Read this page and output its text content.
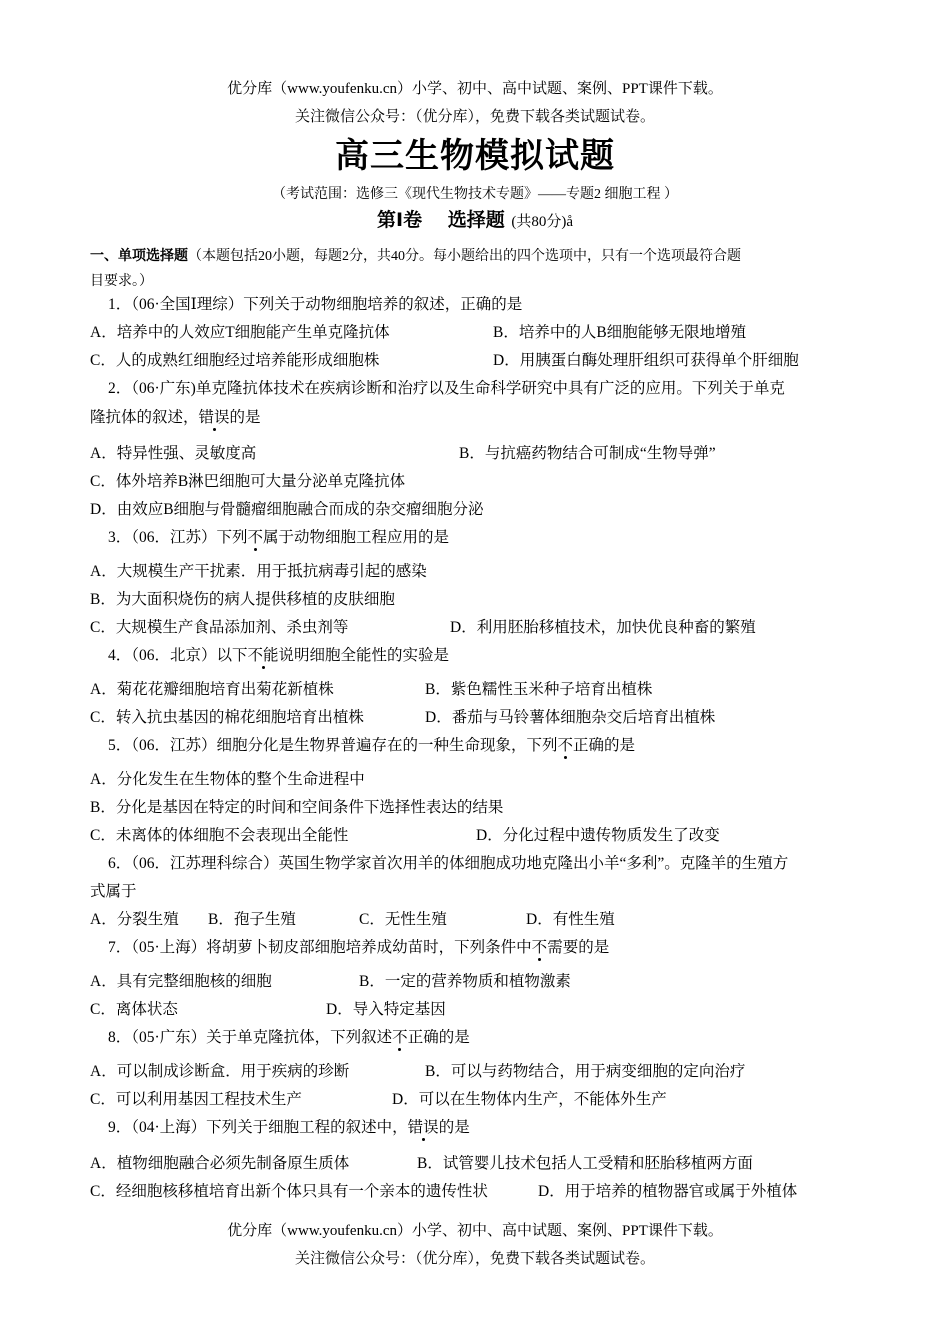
优分库（www.youfenku.cn）小学、初中、高中试题、案例、PPT课件下载。
关注微信公众号：（优分库），免费下载各类试题试卷。
高三生物模拟试题
（考试范围：选修三《现代生物技术专题》——专题2 细胞工程 ）
第Ⅰ卷　 选择题 (共80分)å
一、单项选择题（本题包括20小题，每题2分，共40分。每小题给出的四个选项中，只有一个选项最符合题
目要求。）
1．（06·全国Ⅰ理综）下列关于动物细胞培养的叙述，正确的是
A．培养中的人效应T细胞能产生单克隆抗体	B．培养中的人B细胞能够无限地增殖
C．人的成熟红细胞经过培养能形成细胞株	D．用胰蛋白酶处理肝组织可获得单个肝细胞
2．（06·广东)单克隆抗体技术在疾病诊断和治疗以及生命科学研究中具有广泛的应用。下列关于单克
隆抗体的叙述，错误的是
A．特异性强、灵敏度高	B．与抗癌药物结合可制成“生物导弹”
C．体外培养B淋巴细胞可大量分泌单克隆抗体
D．由效应B细胞与骨髓瘤细胞融合而成的杂交瘤细胞分泌
3．（06．江苏）下列不属于动物细胞工程应用的是
A．大规模生产干扰素．用于抵抗病毒引起的感染
B．为大面积烧伤的病人提供移植的皮肤细胞
C．大规模生产食品添加剂、杀虫剂等	D．利用胚胎移植技术，加快优良种畜的繁殖
4．（06．北京）以下不能说明细胞全能性的实验是
A．菊花花瓣细胞培育出菊花新植株	B．紫色糯性玉米种子培育出植株
C．转入抗虫基因的棉花细胞培育出植株	D．番茄与马铃薯体细胞杂交后培育出植株
5．（06．江苏）细胞分化是生物界普遍存在的一种生命现象，下列不正确的是
A．分化发生在生物体的整个生命进程中
B．分化是基因在特定的时间和空间条件下选择性表达的结果
C．未离体的体细胞不会表现出全能性	D．分化过程中遗传物质发生了改变
6．（06．江苏理科综合）英国生物学家首次用羊的体细胞成功地克隆出小羊“多利”。克隆羊的生殖方
式属于
A．分裂生殖 B．孢子生殖	C．无性生殖	D．有性生殖
7．（05·上海）将胡萝卜韧皮部细胞培养成幼苗时，下列条件中不需要的是
A．具有完整细胞核的细胞	B．一定的营养物质和植物激素
C．离体状态	D．导入特定基因
8．（05·广东）关于单克隆抗体，下列叙述不正确的是
A．可以制成诊断盒．用于疾病的珍断	B．可以与药物结合，用于病变细胞的定向治疗
C．可以利用基因工程技术生产	D．可以在生物体内生产，不能体外生产
9．（04·上海）下列关于细胞工程的叙述中，错误的是
A．植物细胞融合必须先制备原生质体	B．试管婴儿技术包括人工受精和胚胎移植两方面
C．经细胞核移植培育出新个体只具有一个亲本的遗传性状	D．用于培养的植物器官或属于外植体
优分库（www.youfenku.cn）小学、初中、高中试题、案例、PPT课件下载。
关注微信公众号：（优分库），免费下载各类试题试卷。
